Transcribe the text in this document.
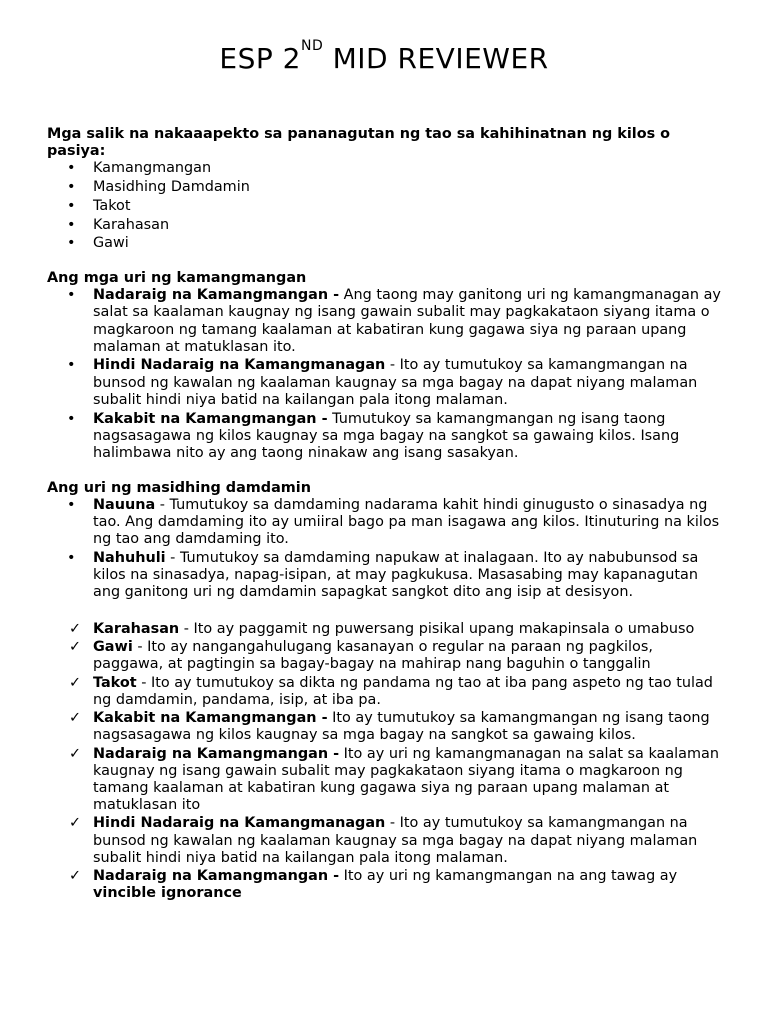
ESP 2ND MID REVIEWER

Mga salik na nakaaapekto sa pananagutan ng tao sa kahihinatnan ng kilos o pasiya:

• Kamangmangan
• Masidhing Damdamin
• Takot
• Karahasan
• Gawi

Ang mga uri ng kamangmangan

• Nadaraig na Kamangmangan - Ang taong may ganitong uri ng kamangmanagan ay salat sa kaalaman kaugnay ng isang gawain subalit may pagkakataon siyang itama o magkaroon ng tamang kaalaman at kabatiran kung gagawa siya ng paraan upang malaman at matuklasan ito.
• Hindi Nadaraig na Kamangmanagan - Ito ay tumutukoy sa kamangmangan na bunsod ng kawalan ng kaalaman kaugnay sa mga bagay na dapat niyang malaman subalit hindi niya batid na kailangan pala itong malaman.
• Kakabit na Kamangmangan - Tumutukoy sa kamangmangan ng isang taong nagsasagawa ng kilos kaugnay sa mga bagay na sangkot sa gawaing kilos. Isang halimbawa nito ay ang taong ninakaw ang isang sasakyan.

Ang uri ng masidhing damdamin

• Nauuna - Tumutukoy sa damdaming nadarama kahit hindi ginugusto o sinasadya ng tao. Ang damdaming ito ay umiiral bago pa man isagawa ang kilos. Itinuturing na kilos ng tao ang damdaming ito.
• Nahuhuli - Tumutukoy sa damdaming napukaw at inalagaan. Ito ay nabubunsod sa kilos na sinasadya, napag-isipan, at may pagkukusa. Masasabing may kapanagutan ang ganitong uri ng damdamin sapagkat sangkot dito ang isip at desisyon.
✓ Karahasan - Ito ay paggamit ng puwersang pisikal upang makapinsala o umabuso
✓ Gawi - Ito ay nangangahulugang kasanayan o regular na paraan ng pagkilos, paggawa, at pagtingin sa bagay-bagay na mahirap nang baguhin o tanggalin
✓ Takot - Ito ay tumutukoy sa dikta ng pandama ng tao at iba pang aspeto ng tao tulad ng damdamin, pandama, isip, at iba pa.
✓ Kakabit na Kamangmangan - Ito ay tumutukoy sa kamangmangan ng isang taong nagsasagawa ng kilos kaugnay sa mga bagay na sangkot sa gawaing kilos.
✓ Nadaraig na Kamangmangan - Ito ay uri ng kamangmanagan na salat sa kaalaman kaugnay ng isang gawain subalit may pagkakataon siyang itama o magkaroon ng tamang kaalaman at kabatiran kung gagawa siya ng paraan upang malaman at matuklasan ito
✓ Hindi Nadaraig na Kamangmanagan - Ito ay tumutukoy sa kamangmangan na bunsod ng kawalan ng kaalaman kaugnay sa mga bagay na dapat niyang malaman subalit hindi niya batid na kailangan pala itong malaman.
✓ Nadaraig na Kamangmangan - Ito ay uri ng kamangmangan na ang tawag ay vincible ignorance
